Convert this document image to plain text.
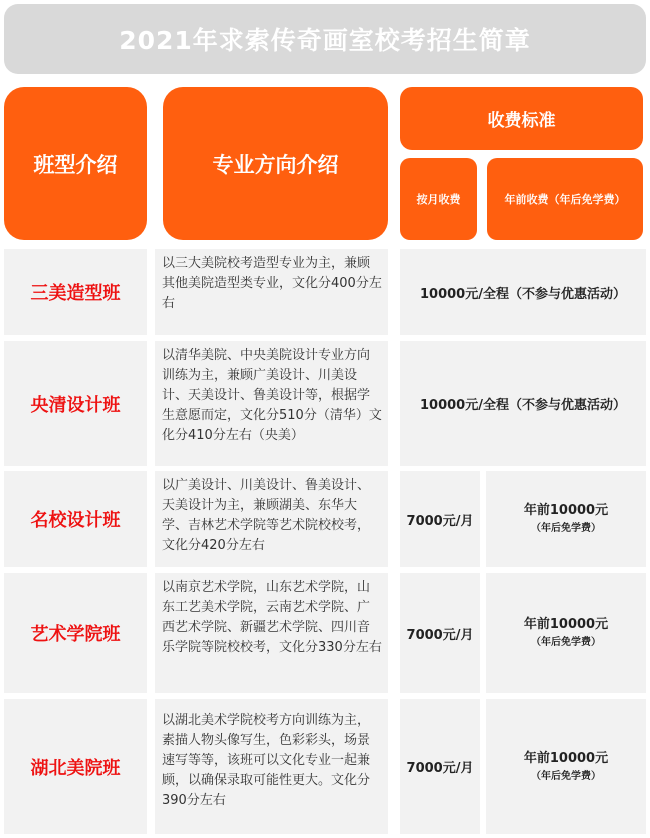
2021年求索传奇画室校考招生简章
班型介绍	专业方向介绍
收费标准
按月收费	年前收费（年后免学费）
三美造型班
以三大美院校考造型专业为主，兼顾其他美院造型类专业，文化分400分左右
10000元/全程（不参与优惠活动）
央清设计班
以清华美院、中央美院设计专业方向训练为主，兼顾广美设计、川美设计、天美设计、鲁美设计等，根据学生意愿而定，文化分510分（清华）文化分410分左右（央美）
10000元/全程（不参与优惠活动）
名校设计班
以广美设计、川美设计、鲁美设计、天美设计为主，兼顾湖美、东华大学、吉林艺术学院等艺术院校校考，文化分420分左右
7000元/月
年前10000元
（年后免学费）
艺术学院班
以南京艺术学院，山东艺术学院，山东工艺美术学院，云南艺术学院、广西艺术学院、新疆艺术学院、四川音乐学院等院校校考，文化分330分左右
7000元/月
年前10000元
（年后免学费）
湖北美院班
以湖北美术学院校考方向训练为主，素描人物头像写生，色彩彩头，场景速写等等，该班可以文化专业一起兼顾，以确保录取可能性更大。文化分390分左右
7000元/月
年前10000元
（年后免学费）
